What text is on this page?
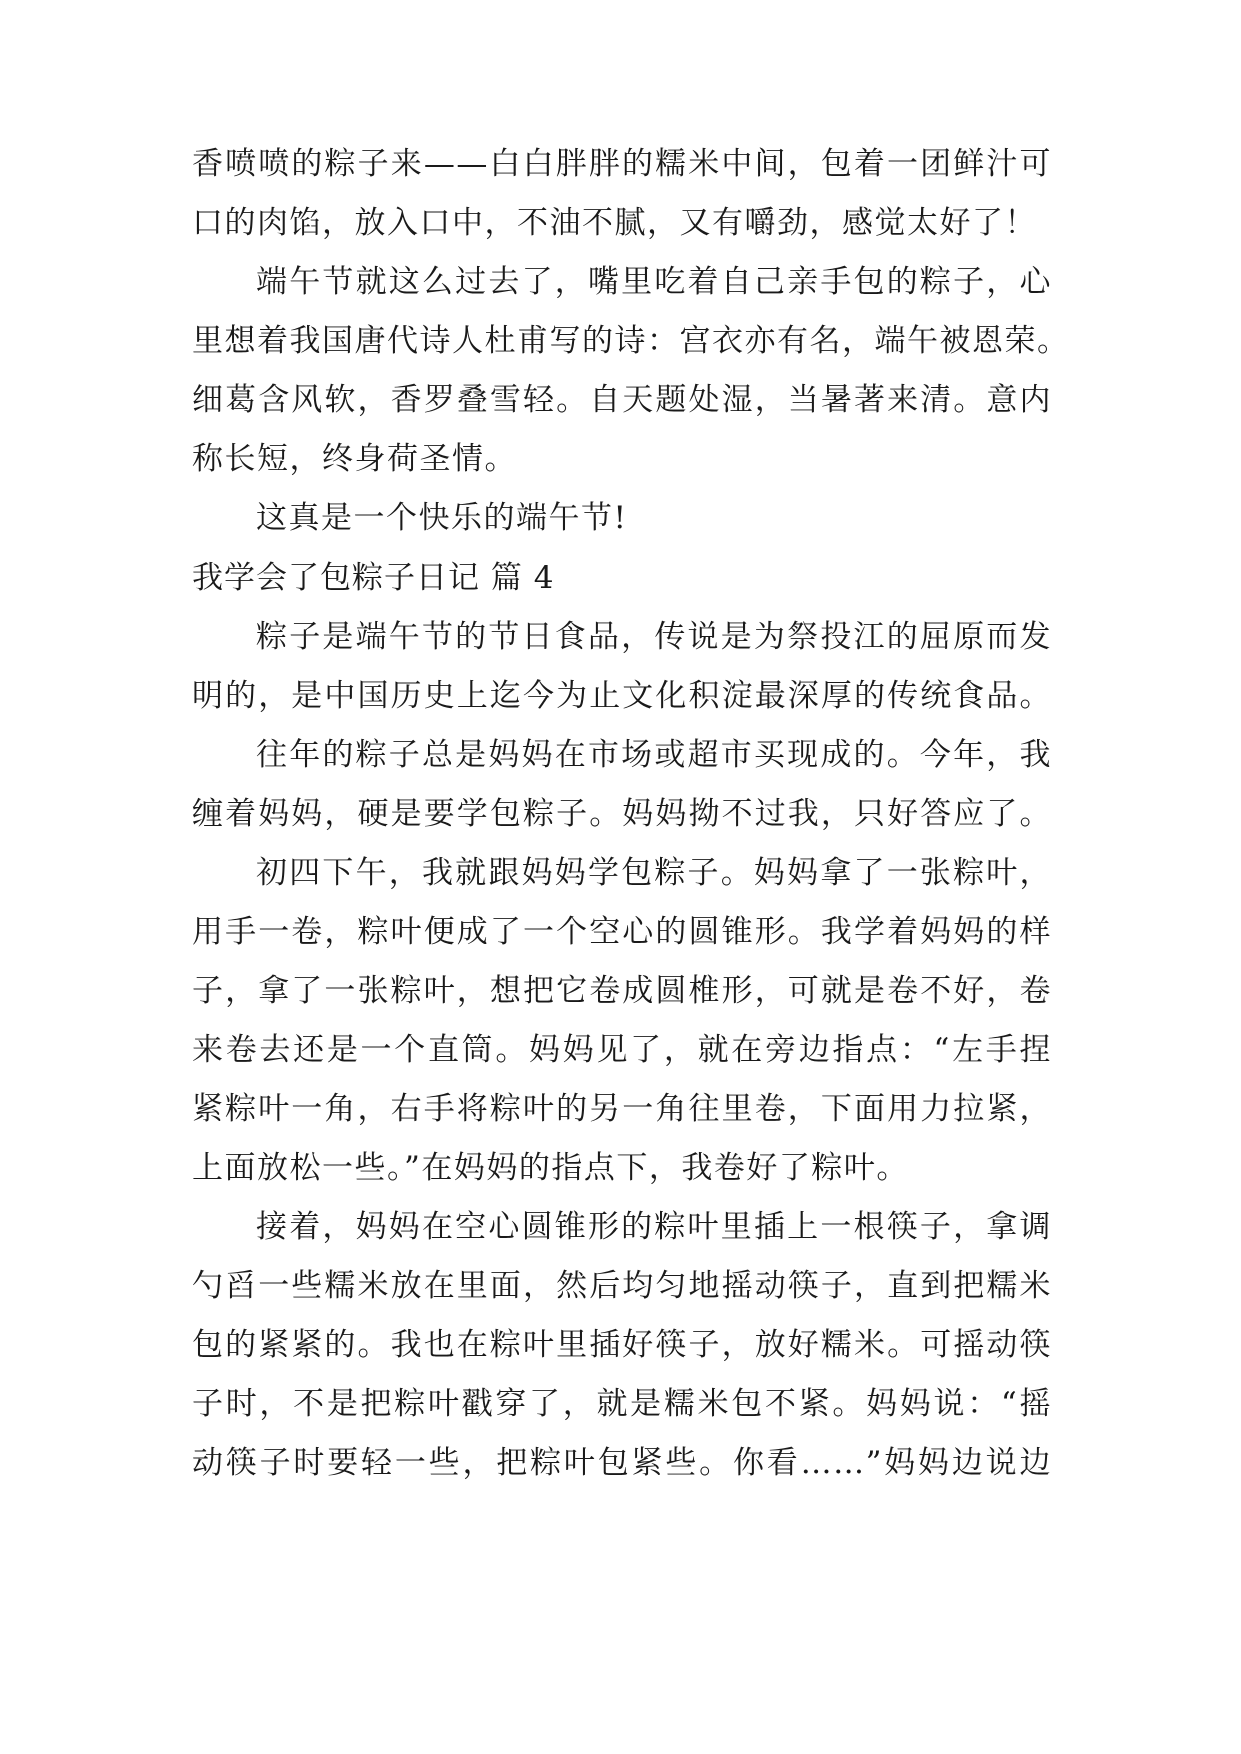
香喷喷的粽子来——白白胖胖的糯米中间，包着一团鲜汁可
口的肉馅，放入口中，不油不腻，又有嚼劲，感觉太好了！
端午节就这么过去了，嘴里吃着自己亲手包的粽子，心
里想着我国唐代诗人杜甫写的诗：宫衣亦有名，端午被恩荣。
细葛含风软，香罗叠雪轻。自天题处湿，当暑著来清。意内
称长短，终身荷圣情。
这真是一个快乐的端午节!
我学会了包粽子日记 篇 4
粽子是端午节的节日食品，传说是为祭投江的屈原而发
明的，是中国历史上迄今为止文化积淀最深厚的传统食品。
往年的粽子总是妈妈在市场或超市买现成的。今年，我
缠着妈妈，硬是要学包粽子。妈妈拗不过我，只好答应了。
初四下午，我就跟妈妈学包粽子。妈妈拿了一张粽叶，
用手一卷，粽叶便成了一个空心的圆锥形。我学着妈妈的样
子，拿了一张粽叶，想把它卷成圆椎形，可就是卷不好，卷
来卷去还是一个直筒。妈妈见了，就在旁边指点：“左手捏
紧粽叶一角，右手将粽叶的另一角往里卷，下面用力拉紧，
上面放松一些。”在妈妈的指点下，我卷好了粽叶。
接着，妈妈在空心圆锥形的粽叶里插上一根筷子，拿调
勺舀一些糯米放在里面，然后均匀地摇动筷子，直到把糯米
包的紧紧的。我也在粽叶里插好筷子，放好糯米。可摇动筷
子时，不是把粽叶戳穿了，就是糯米包不紧。妈妈说：“摇
动筷子时要轻一些，把粽叶包紧些。你看……”妈妈边说边
